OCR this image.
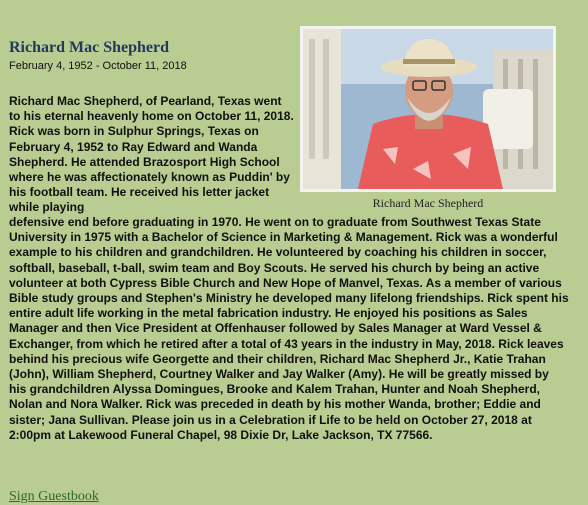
Richard Mac Shepherd
February 4, 1952 - October 11, 2018
Richard Mac Shepherd
Richard Mac Shepherd, of Pearland, Texas went to his eternal heavenly home on October 11, 2018. Rick was born in Sulphur Springs, Texas on February 4, 1952 to Ray Edward and Wanda Shepherd. He attended Brazosport High School where he was affectionately known as Puddin' by his football team. He received his letter jacket while playing
defensive end before graduating in 1970. He went on to graduate from Southwest Texas State University in 1975 with a Bachelor of Science in Marketing & Management. Rick was a wonderful example to his children and grandchildren. He volunteered by coaching his children in soccer, softball, baseball, t-ball, swim team and Boy Scouts. He served his church by being an active volunteer at both Cypress Bible Church and New Hope of Manvel, Texas. As a member of various Bible study groups and Stephen's Ministry he developed many lifelong friendships. Rick spent his entire adult life working in the metal fabrication industry. He enjoyed his positions as Sales Manager and then Vice President at Offenhauser followed by Sales Manager at Ward Vessel & Exchanger, from which he retired after a total of 43 years in the industry in May, 2018. Rick leaves behind his precious wife Georgette and their children, Richard Mac Shepherd Jr., Katie Trahan (John), William Shepherd, Courtney Walker and Jay Walker (Amy). He will be greatly missed by his grandchildren Alyssa Domingues, Brooke and Kalem Trahan, Hunter and Noah Shepherd, Nolan and Nora Walker. Rick was preceded in death by his mother Wanda, brother; Eddie and sister; Jana Sullivan. Please join us in a Celebration if Life to be held on October 27, 2018 at 2:00pm at Lakewood Funeral Chapel, 98 Dixie Dr, Lake Jackson, TX 77566.
Sign Guestbook
